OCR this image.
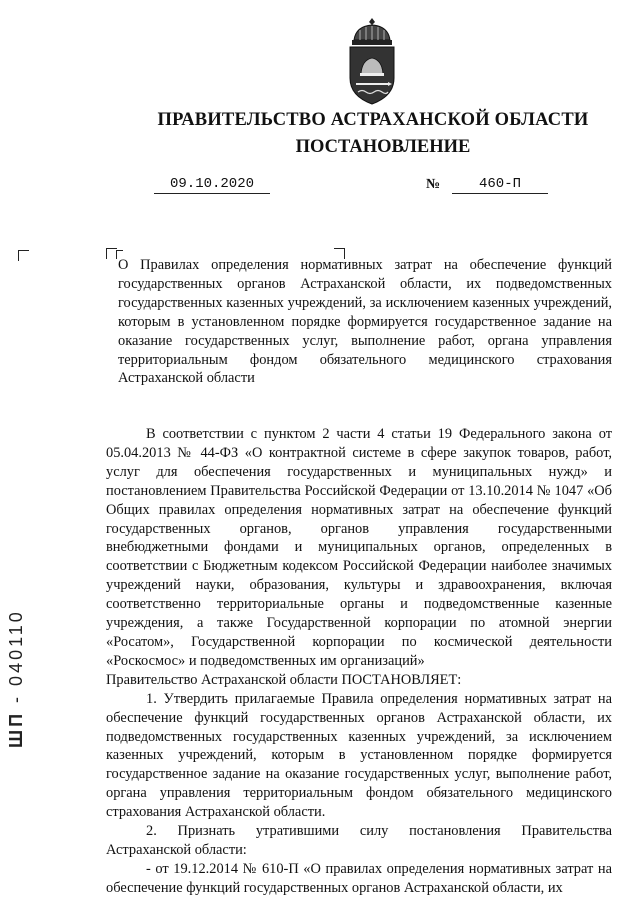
ПРАВИТЕЛЬСТВО АСТРАХАНСКОЙ ОБЛАСТИ
ПОСТАНОВЛЕНИЕ
09.10.2020	№	460-П

О Правилах определения нормативных затрат на обеспечение функций государственных органов Астраханской области, их подведомственных государственных казенных учреждений, за исключением казенных учреждений, которым в установленном порядке формируется государственное задание на оказание государственных услуг, выполнение работ, органа управления территориальным фондом обязательного медицинского страхования Астраханской области

В соответствии с пунктом 2 части 4 статьи 19 Федерального закона от 05.04.2013 № 44-ФЗ «О контрактной системе в сфере закупок товаров, работ, услуг для обеспечения государственных и муниципальных нужд» и постановлением Правительства Российской Федерации от 13.10.2014 № 1047 «Об Общих правилах определения нормативных затрат на обеспечение функций государственных органов, органов управления государственными внебюджетными фондами и муниципальных органов, определенных в соответствии с Бюджетным кодексом Российской Федерации наиболее значимых учреждений науки, образования, культуры и здравоохранения, включая соответственно территориальные органы и подведомственные казенные учреждения, а также Государственной корпорации по атомной энергии «Росатом», Государственной корпорации по космической деятельности «Роскосмос» и подведомственных им организаций»

Правительство Астраханской области ПОСТАНОВЛЯЕТ:

1. Утвердить прилагаемые Правила определения нормативных затрат на обеспечение функций государственных органов Астраханской области, их подведомственных государственных казенных учреждений, за исключением казенных учреждений, которым в установленном порядке формируется государственное задание на оказание государственных услуг, выполнение работ, органа управления территориальным фондом обязательного медицинского страхования Астраханской области.

2. Признать утратившими силу постановления Правительства Астраханской области:

- от 19.12.2014 № 610-П «О правилах определения нормативных затрат на обеспечение функций государственных органов Астраханской области, их

ШП - 040110
